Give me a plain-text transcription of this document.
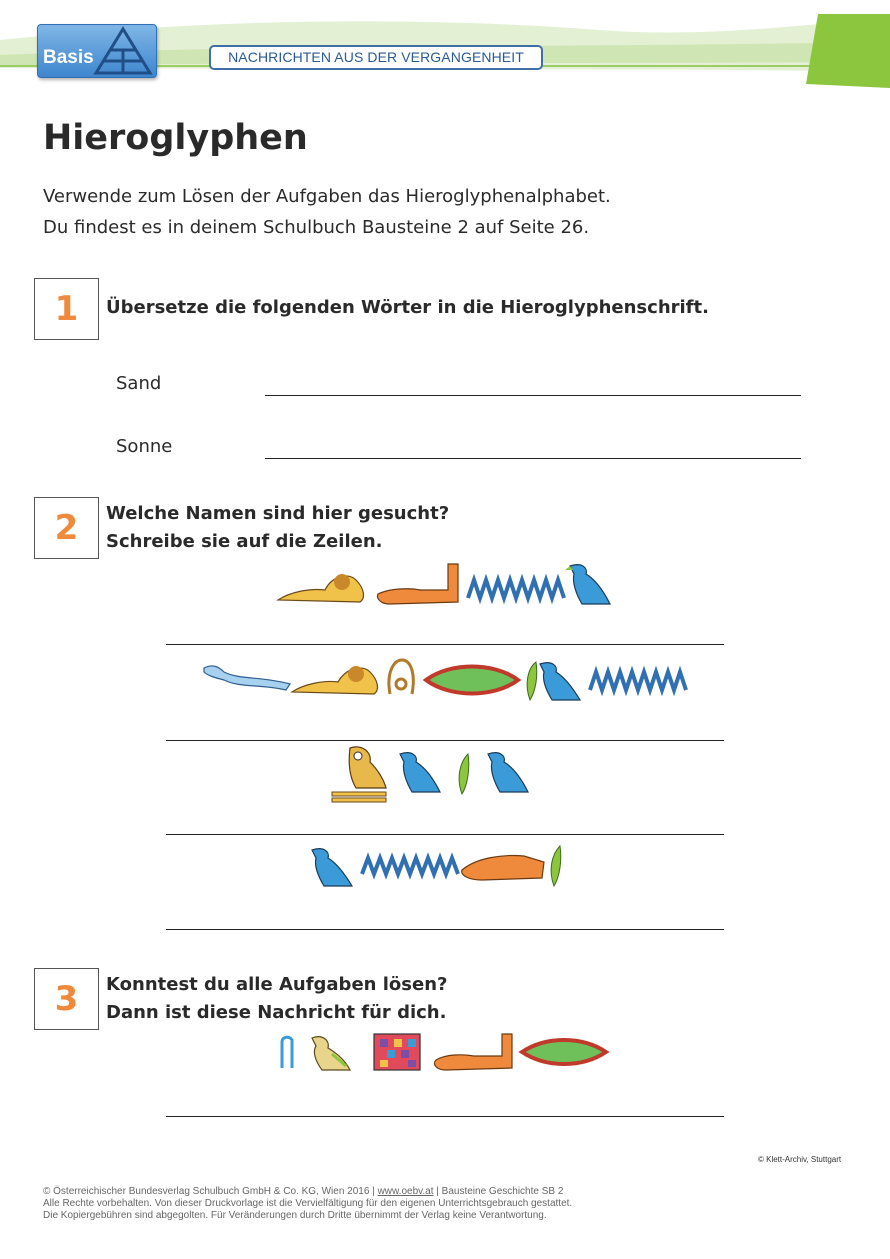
Basis	NACHRICHTEN AUS DER VERGANGENHEIT
Hieroglyphen
Verwende zum Lösen der Aufgaben das Hieroglyphenalphabet.
Du findest es in deinem Schulbuch Bausteine 2 auf Seite 26.
1	Übersetze die folgenden Wörter in die Hieroglyphenschrift.
Sand
Sonne
2	Welche Namen sind hier gesucht?
Schreibe sie auf die Zeilen.
3	Konntest du alle Aufgaben lösen?
Dann ist diese Nachricht für dich.
© Klett-Archiv, Stuttgart
© Österreichischer Bundesverlag Schulbuch GmbH & Co. KG, Wien 2016 | www.oebv.at | Bausteine Geschichte SB 2
Alle Rechte vorbehalten. Von dieser Druckvorlage ist die Vervielfältigung für den eigenen Unterrichtsgebrauch gestattet.
Die Kopiergebühren sind abgegolten. Für Veränderungen durch Dritte übernimmt der Verlag keine Verantwortung.
